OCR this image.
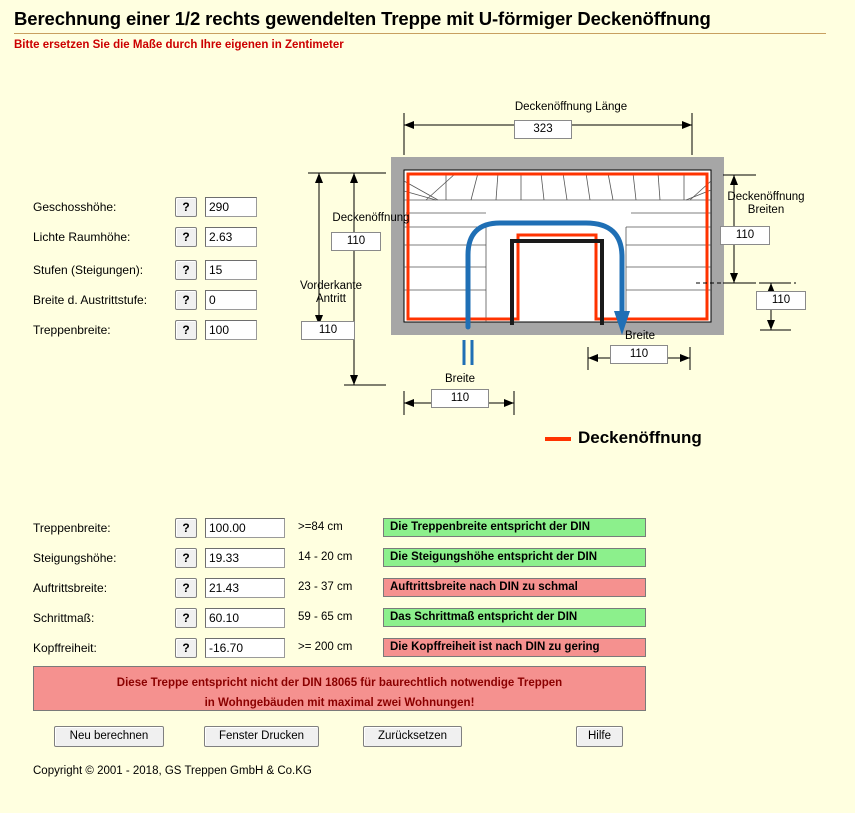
Berechnung einer 1/2 rechts gewendelten Treppe mit U-förmiger Deckenöffnung
Bitte ersetzen Sie die Maße durch Ihre eigenen in Zentimeter
Geschosshöhe:	?
290
Lichte Raumhöhe:	?
2.63
Stufen (Steigungen):	?
15
Breite d. Austrittstufe:	?
0
Treppenbreite:	?
100
Deckenöffnung Länge
323
Deckenöffnung
110
Vorderkante
Antritt
110
Breite
110
Breite
110
Deckenöffnung
Breiten
110
110
Deckenöffnung
Treppenbreite:	?
100.00	>=84 cm	Die Treppenbreite entspricht der DIN
Steigungshöhe:	?
19.33	14 - 20 cm	Die Steigungshöhe entspricht der DIN
Auftrittsbreite:	?
21.43	23 - 37 cm	Auftrittsbreite nach DIN zu schmal
Schrittmaß:	?
60.10	59 - 65 cm	Das Schrittmaß entspricht der DIN
Kopffreiheit:	?
-16.70	>= 200 cm	Die Kopffreiheit ist nach DIN zu gering
Diese Treppe entspricht nicht der DIN 18065 für baurechtlich notwendige Treppen
in Wohngebäuden mit maximal zwei Wohnungen!
Neu berechnen	Fenster Drucken	Zurücksetzen	Hilfe
Copyright © 2001 - 2018, GS Treppen GmbH & Co.KG
